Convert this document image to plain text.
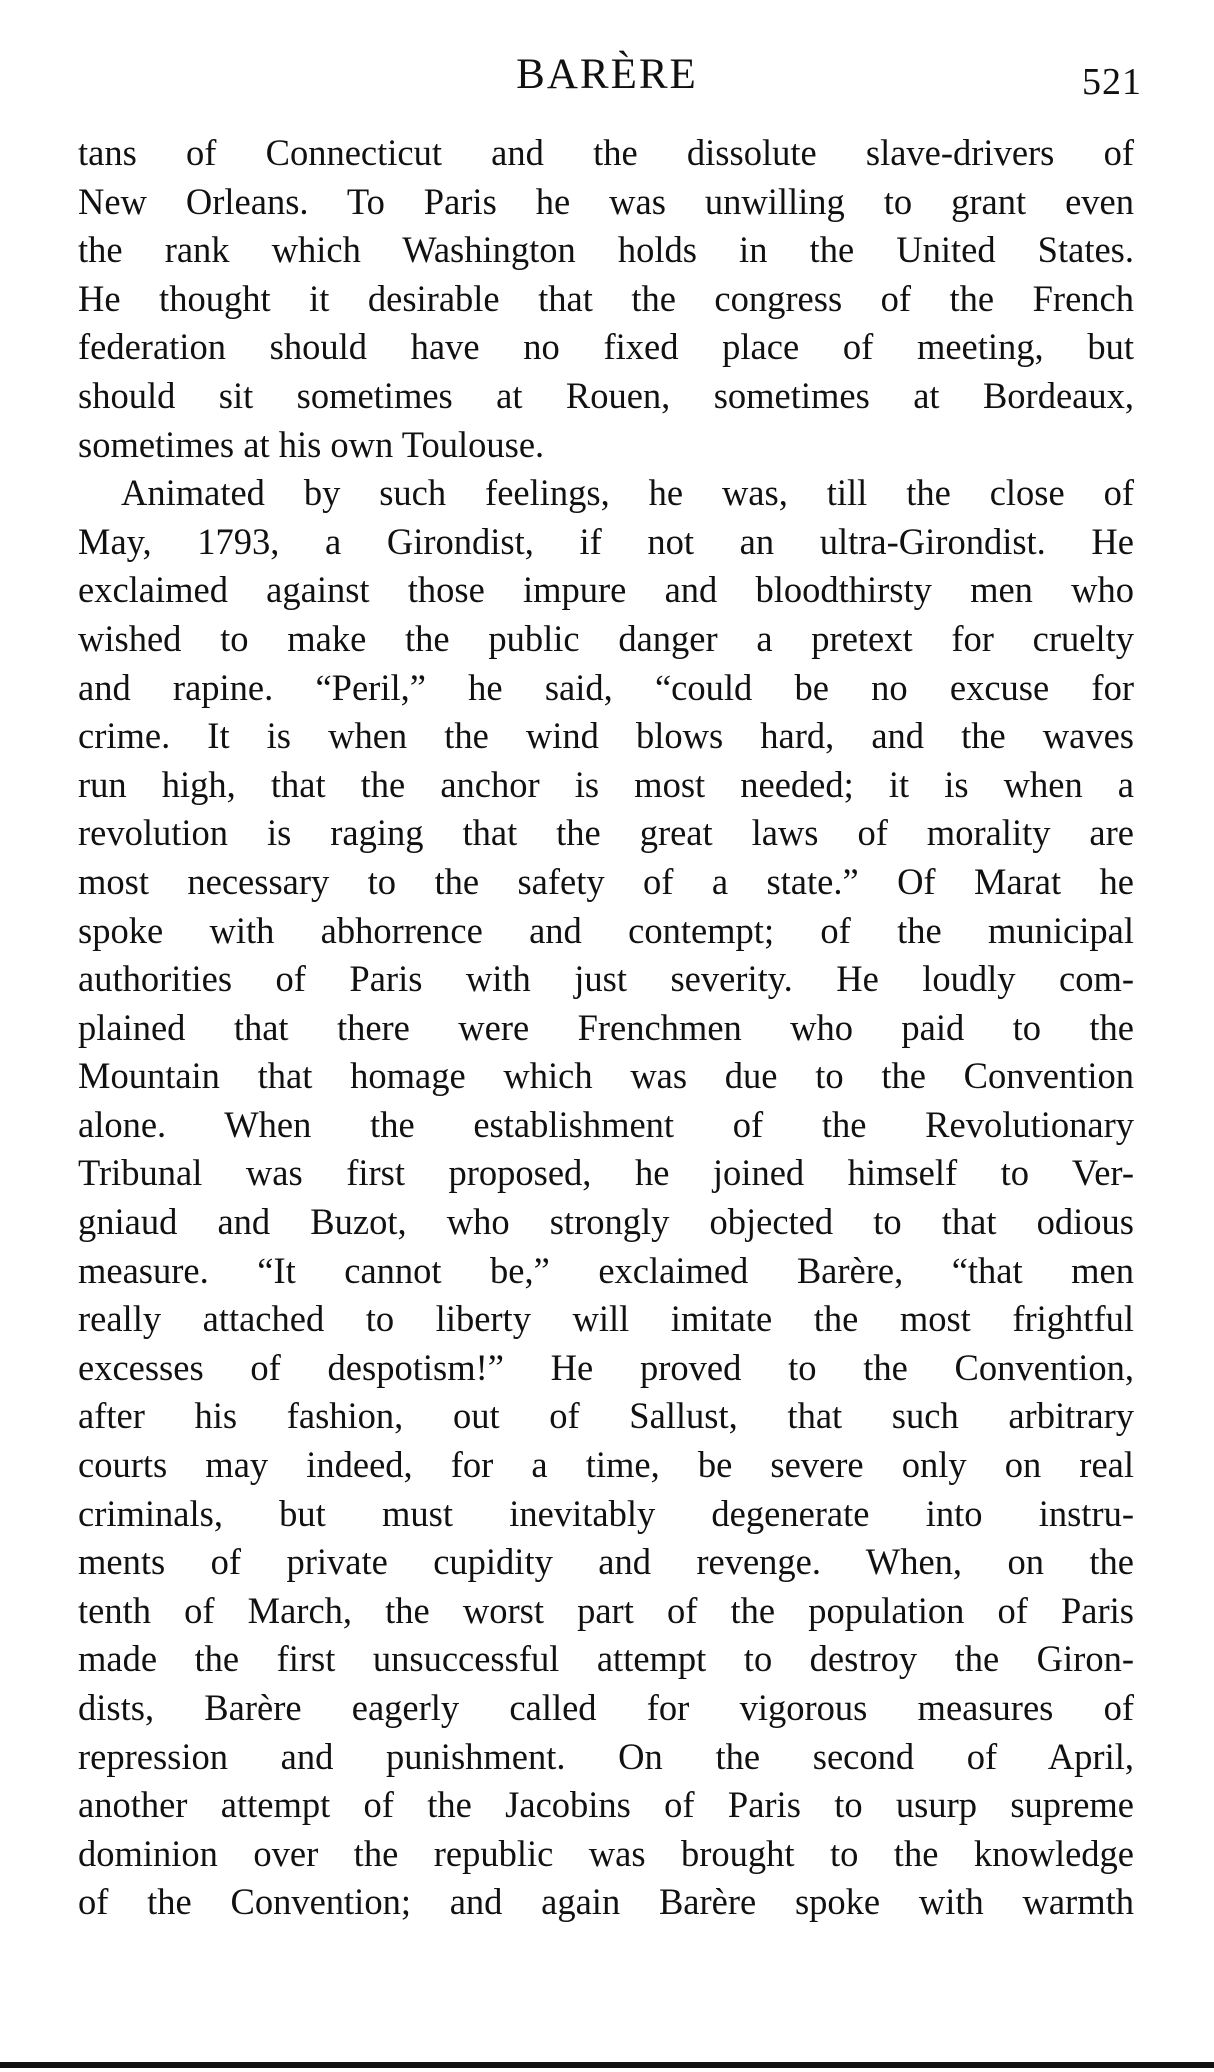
BARÈRE	521
tans of Connecticut and the dissolute slave-drivers of
New Orleans. To Paris he was unwilling to grant even
the rank which Washington holds in the United States.
He thought it desirable that the congress of the French
federation should have no fixed place of meeting, but
should sit sometimes at Rouen, sometimes at Bordeaux,
sometimes at his own Toulouse.
Animated by such feelings, he was, till the close of
May, 1793, a Girondist, if not an ultra-Girondist. He
exclaimed against those impure and bloodthirsty men who
wished to make the public danger a pretext for cruelty
and rapine. “Peril,” he said, “could be no excuse for
crime. It is when the wind blows hard, and the waves
run high, that the anchor is most needed; it is when a
revolution is raging that the great laws of morality are
most necessary to the safety of a state.” Of Marat he
spoke with abhorrence and contempt; of the municipal
authorities of Paris with just severity. He loudly com-
plained that there were Frenchmen who paid to the
Mountain that homage which was due to the Convention
alone. When the establishment of the Revolutionary
Tribunal was first proposed, he joined himself to Ver-
gniaud and Buzot, who strongly objected to that odious
measure. “It cannot be,” exclaimed Barère, “that men
really attached to liberty will imitate the most frightful
excesses of despotism!” He proved to the Convention,
after his fashion, out of Sallust, that such arbitrary
courts may indeed, for a time, be severe only on real
criminals, but must inevitably degenerate into instru-
ments of private cupidity and revenge. When, on the
tenth of March, the worst part of the population of Paris
made the first unsuccessful attempt to destroy the Giron-
dists, Barère eagerly called for vigorous measures of
repression and punishment. On the second of April,
another attempt of the Jacobins of Paris to usurp supreme
dominion over the republic was brought to the knowledge
of the Convention; and again Barère spoke with warmth
